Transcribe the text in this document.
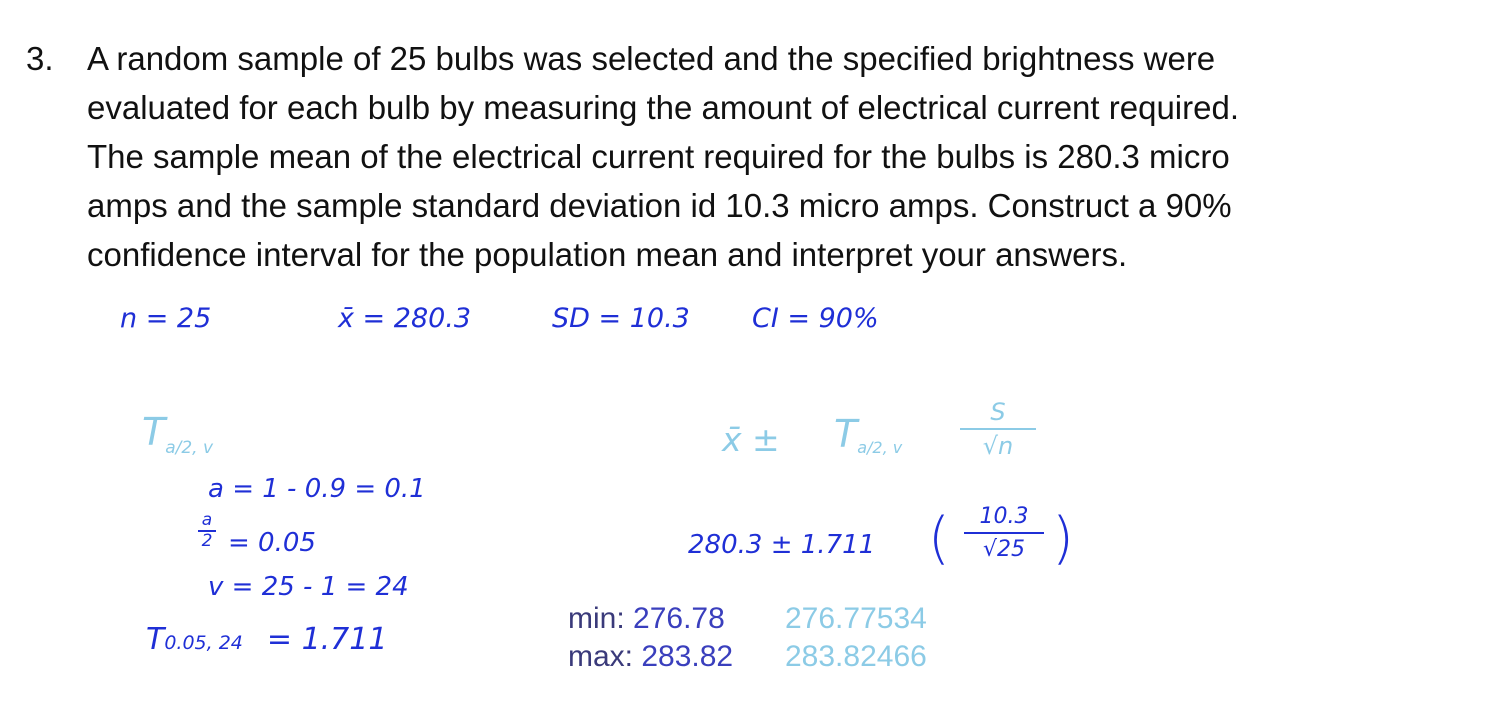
3. A random sample of 25 bulbs was selected and the specified brightness were
evaluated for each bulb by measuring the amount of electrical current required.
The sample mean of the electrical current required for the bulbs is 280.3 micro
amps and the sample standard deviation id 10.3 micro amps. Construct a 90%
confidence interval for the population mean and interpret your answers.
n = 25	x̄ = 280.3	SD = 10.3 CI = 90%
$T_{a/2, v}$
a = 1 - 0.9 = 0.1
a
2 = 0.05
v = 25 - 1 = 24
T0.05, 24 = 1.711
x̄ ± Ta/2, v
S
√n
280.3 ± 1.711 (	10.3
√25 )
min: 276.78 276.77534
max: 283.82 283.82466
